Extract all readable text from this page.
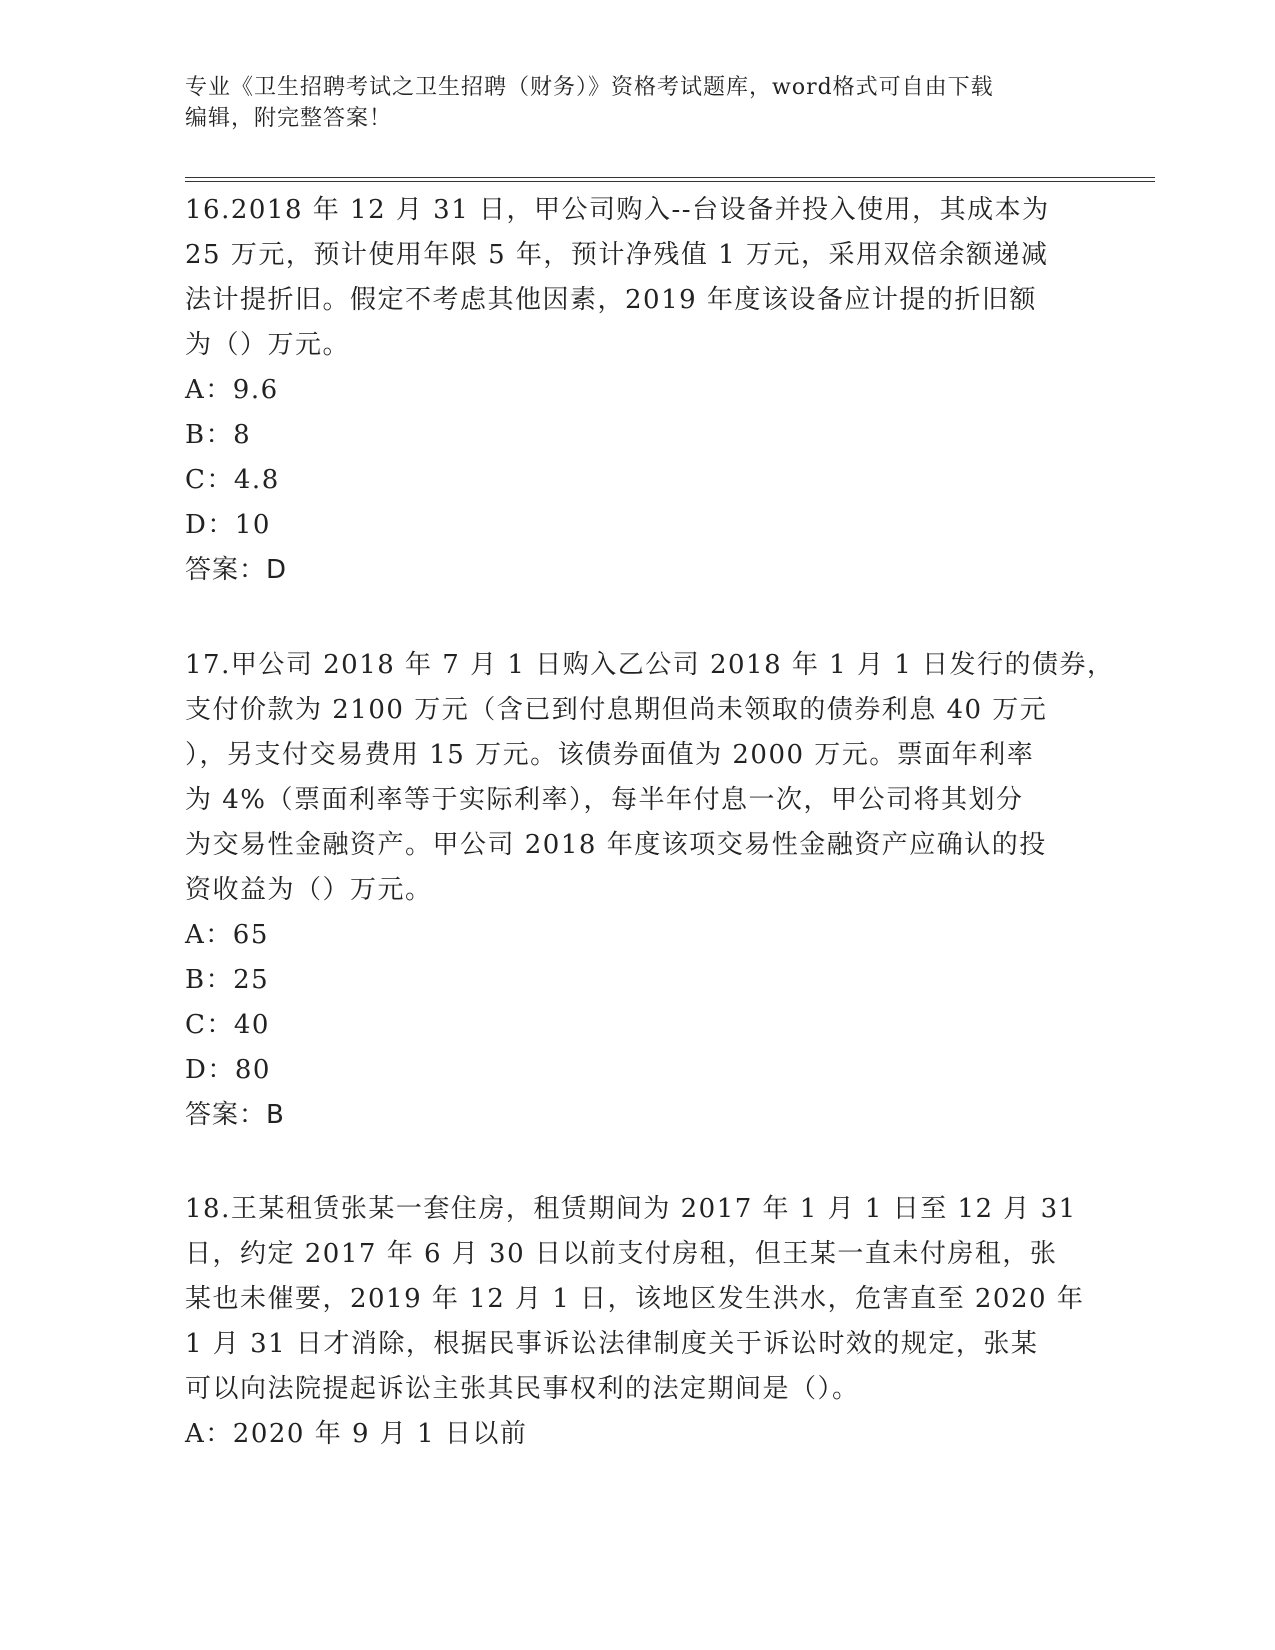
专业《卫生招聘考试之卫生招聘（财务）》资格考试题库，word格式可自由下载
编辑，附完整答案！
16.2018 年 12 月 31 日，甲公司购入--台设备并投入使用，其成本为
25 万元，预计使用年限 5 年，预计净残值 1 万元，采用双倍余额递减
法计提折旧。假定不考虑其他因素，2019 年度该设备应计提的折旧额
为（）万元。
A：9.6
B：8
C：4.8
D：10
答案：D
17.甲公司 2018 年 7 月 1 日购入乙公司 2018 年 1 月 1 日发行的债券，
支付价款为 2100 万元（含已到付息期但尚未领取的债券利息 40 万元
），另支付交易费用 15 万元。该债券面值为 2000 万元。票面年利率
为 4%（票面利率等于实际利率），每半年付息一次，甲公司将其划分
为交易性金融资产。甲公司 2018 年度该项交易性金融资产应确认的投
资收益为（）万元。
A：65
B：25
C：40
D：80
答案：B
18.王某租赁张某一套住房，租赁期间为 2017 年 1 月 1 日至 12 月 31
日，约定 2017 年 6 月 30 日以前支付房租，但王某一直未付房租，张
某也未催要，2019 年 12 月 1 日，该地区发生洪水，危害直至 2020 年
1 月 31 日才消除，根据民事诉讼法律制度关于诉讼时效的规定，张某
可以向法院提起诉讼主张其民事权利的法定期间是（）。
A：2020 年 9 月 1 日以前
